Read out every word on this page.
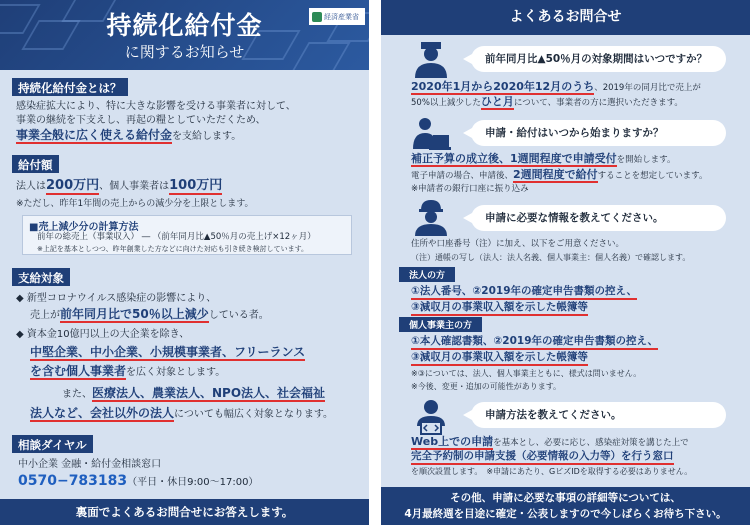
持続化給付金
に関するお知らせ
経済産業省
持続化給付金とは？
感染症拡大により、特に大きな影響を受ける事業者に対して、
事業の継続を下支えし、再起の糧としていただくため、
事業全般に広く使える給付金を支給します。
給付額
法人は200万円、個人事業者は100万円
※ただし、昨年1年間の売上からの減少分を上限とします。
■売上減少分の計算方法
前年の総売上（事業収入） ― （前年同月比▲50％月の売上げ×12ヶ月）
※上記を基本としつつ、昨年創業した方などに向けた対応も引き続き検討しています。
支給対象
◆ 新型コロナウイルス感染症の影響により、
売上が前年同月比で50％以上減少している者。
◆ 資本金10億円以上の大企業を除き、
中堅企業、中小企業、小規模事業者、フリーランス
を含む個人事業者を広く対象とします。
また、医療法人、農業法人、NPO法人、社会福祉
法人など、会社以外の法人についても幅広く対象となります。
相談ダイヤル
中小企業 金融・給付金相談窓口
0570−783183（平日・休日9:00～17:00）
裏面でよくあるお問合せにお答えします。
よくあるお問合せ
前年同月比▲50％月の対象期間はいつですか？
2020年1月から2020年12月のうち、2019年の同月比で売上が
50%以上減少したひと月について、事業者の方に選択いただきます。
申請・給付はいつから始まりますか？
補正予算の成立後、1週間程度で申請受付を開始します。
電子申請の場合、申請後、2週間程度で給付することを想定しています。
※申請者の銀行口座に振り込み
申請に必要な情報を教えてください。
住所や口座番号（注）に加え、以下をご用意ください。
（注）通帳の写し（法人：法人名義、個人事業主：個人名義）で確認します。
法人の方
①法人番号、②2019年の確定申告書類の控え、
③減収月の事業収入額を示した帳簿等
個人事業主の方
①本人確認書類、②2019年の確定申告書類の控え、
③減収月の事業収入額を示した帳簿等
※③については、法人、個人事業主ともに、様式は問いません。
※今後、変更・追加の可能性があります。
申請方法を教えてください。
Web上での申請を基本とし、必要に応じ、感染症対策を講じた上で
完全予約制の申請支援（必要情報の入力等）を行う窓口
を順次設置します。 ※申請にあたり、GビズIDを取得する必要はありません。
その他、申請に必要な事項の詳細等については、
4月最終週を目途に確定・公表しますので今しばらくお待ち下さい。
